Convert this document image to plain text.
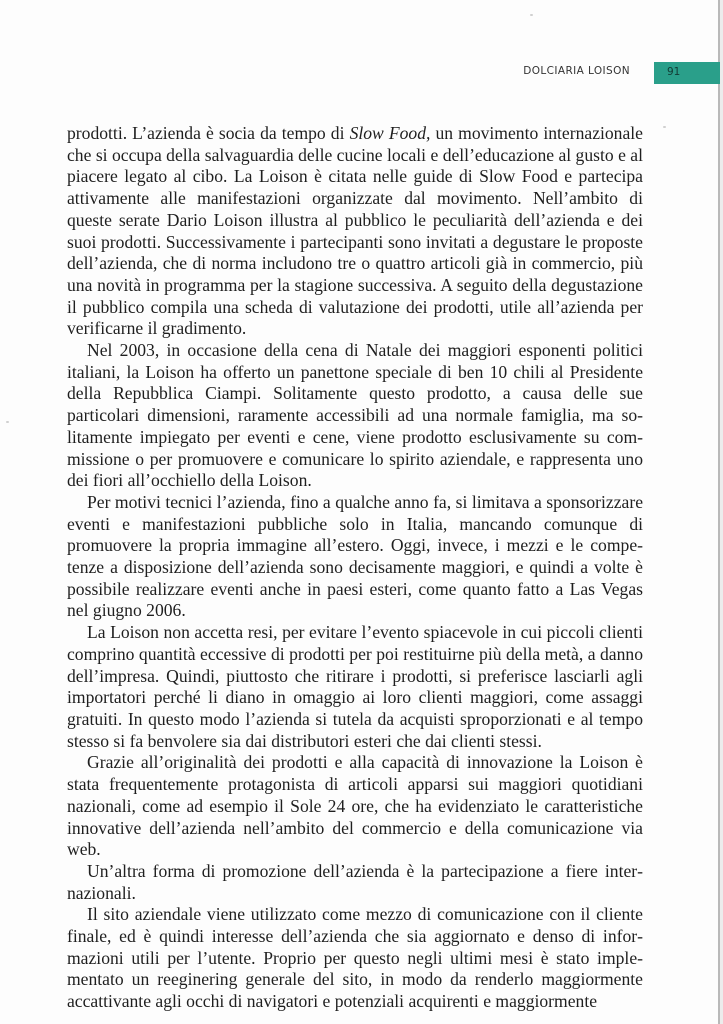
DOLCIARIA LOISON	91

prodotti. L’azienda è socia da tempo di Slow Food, un movimento internazionale che si occupa della salvaguardia delle cucine locali e dell’educazione al gusto e al piacere legato al cibo. La Loison è citata nelle guide di Slow Food e partecipa attivamente alle manifestazioni organizzate dal movimento. Nell’ambito di queste serate Dario Loison illustra al pubblico le peculiarità dell’azienda e dei suoi prodotti. Successivamente i partecipanti sono invitati a degustare le proposte dell’azienda, che di norma includono tre o quattro articoli già in commercio, più una novità in programma per la stagione successiva. A seguito della degustazione il pubblico compila una scheda di valutazione dei prodotti, utile all’azienda per verificarne il gradimento.

Nel 2003, in occasione della cena di Natale dei maggiori esponenti politici italiani, la Loison ha offerto un panettone speciale di ben 10 chili al Presidente della Repubblica Ciampi. Solitamente questo prodotto, a causa delle sue particolari dimensioni, raramente accessibili ad una normale famiglia, ma solitamente impiegato per eventi e cene, viene prodotto esclusivamente su commissione o per promuovere e comunicare lo spirito aziendale, e rappresenta uno dei fiori all’occhiello della Loison.

Per motivi tecnici l’azienda, fino a qualche anno fa, si limitava a sponsorizzare eventi e manifestazioni pubbliche solo in Italia, mancando comunque di promuovere la propria immagine all’estero. Oggi, invece, i mezzi e le competenze a disposizione dell’azienda sono decisamente maggiori, e quindi a volte è possibile realizzare eventi anche in paesi esteri, come quanto fatto a Las Vegas nel giugno 2006.

La Loison non accetta resi, per evitare l’evento spiacevole in cui piccoli clienti comprino quantità eccessive di prodotti per poi restituirne più della metà, a danno dell’impresa. Quindi, piuttosto che ritirare i prodotti, si preferisce lasciarli agli importatori perché li diano in omaggio ai loro clienti maggiori, come assaggi gratuiti. In questo modo l’azienda si tutela da acquisti sproporzionati e al tempo stesso si fa benvolere sia dai distributori esteri che dai clienti stessi.

Grazie all’originalità dei prodotti e alla capacità di innovazione la Loison è stata frequentemente protagonista di articoli apparsi sui maggiori quotidiani nazionali, come ad esempio il Sole 24 ore, che ha evidenziato le caratteristiche innovative dell’azienda nell’ambito del commercio e della comunicazione via web.

Un’altra forma di promozione dell’azienda è la partecipazione a fiere internazionali.

Il sito aziendale viene utilizzato come mezzo di comunicazione con il cliente finale, ed è quindi interesse dell’azienda che sia aggiornato e denso di informazioni utili per l’utente. Proprio per questo negli ultimi mesi è stato implementato un reeginering generale del sito, in modo da renderlo maggiormente accattivante agli occhi di navigatori e potenziali acquirenti e maggiormente
